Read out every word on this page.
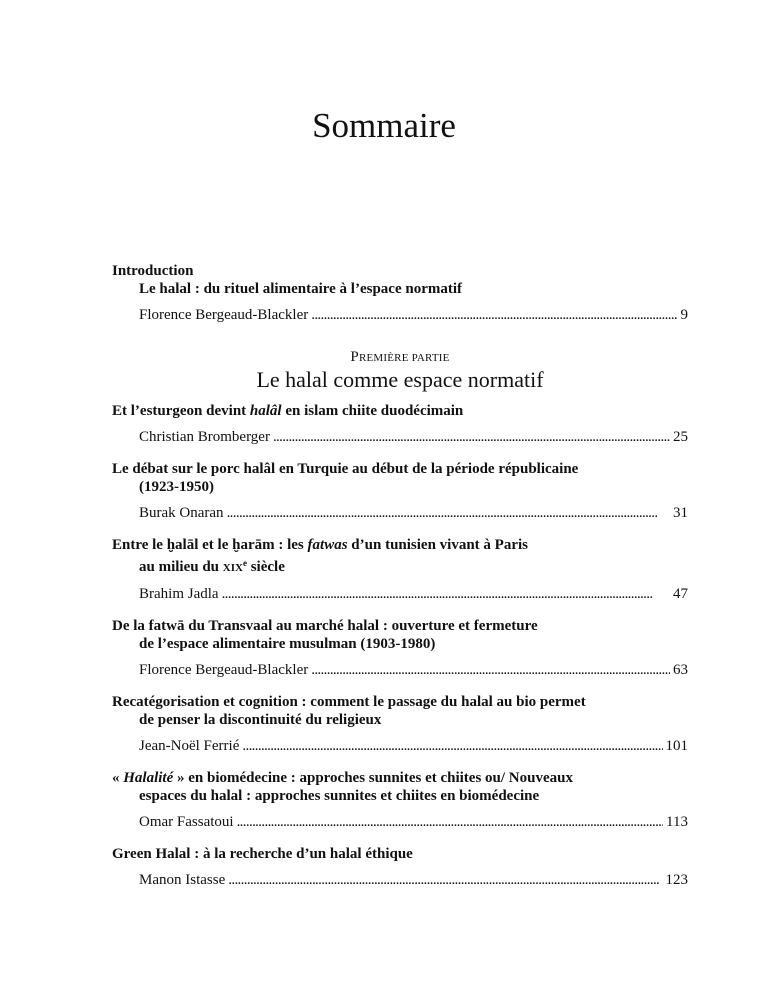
Sommaire
Introduction
Le halal : du rituel alimentaire à l’espace normatif
Florence Bergeaud-Blackler . . .	9
PREMIÈRE PARTIE
Le halal comme espace normatif
Et l’esturgeon devint halâl en islam chiite duodécimain
Christian Bromberger . . .	25
Le débat sur le porc halâl en Turquie au début de la période républicaine
(1923-1950)
Burak Onaran . . .	31
Entre le ḫalāl et le ḫarām : les fatwas d’un tunisien vivant à Paris
au milieu du XIXe siècle
Brahim Jadla . . .	47
De la fatwā du Transvaal au marché halal : ouverture et fermeture
de l’espace alimentaire musulman (1903-1980)
Florence Bergeaud-Blackler . . .	63
Recatégorisation et cognition : comment le passage du halal au bio permet
de penser la discontinuité du religieux
Jean-Noël Ferrié . . .	101
« Halalité » en biomédecine : approches sunnites et chiites ou/ Nouveaux
espaces du halal : approches sunnites et chiites en biomédecine
Omar Fassatoui . . .	113
Green Halal : à la recherche d’un halal éthique
Manon Istasse . . .	123
